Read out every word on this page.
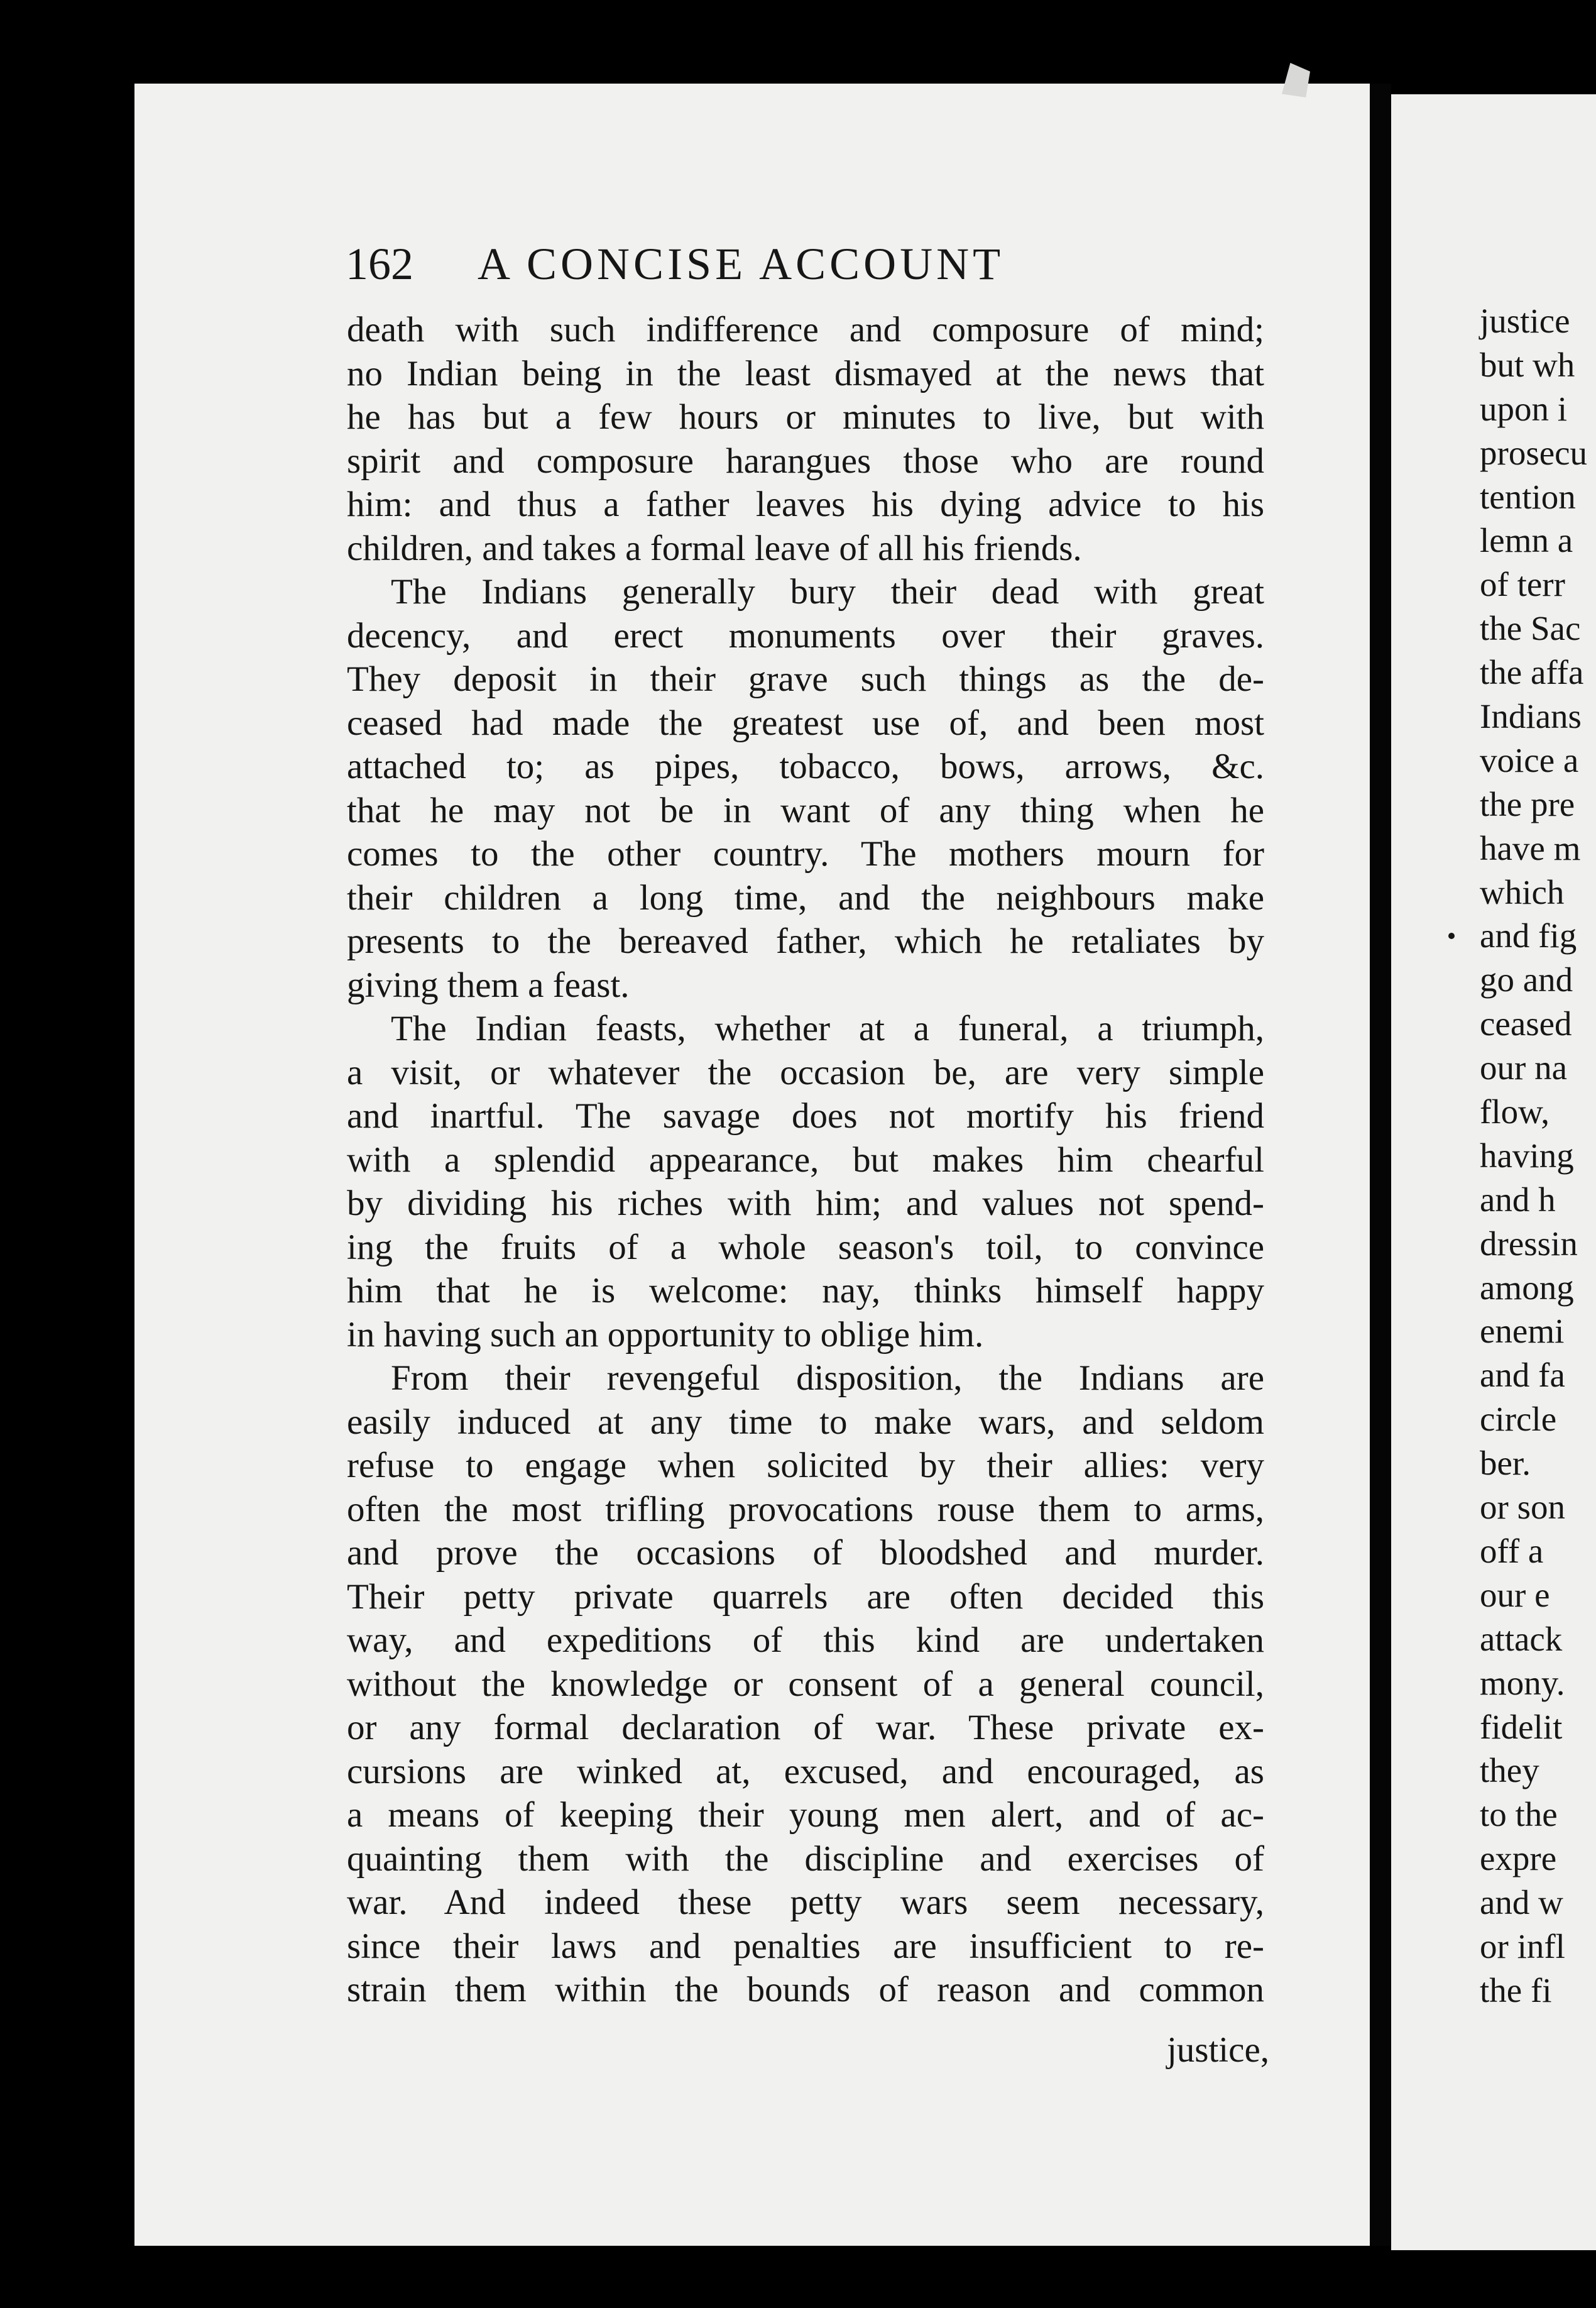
162 A CONCISE ACCOUNT
death with such indifference and composure of mind;
no Indian being in the least dismayed at the news that
he has but a few hours or minutes to live, but with
spirit and composure harangues those who are round
him: and thus a father leaves his dying advice to his
children, and takes a formal leave of all his friends.
The Indians generally bury their dead with great
decency, and erect monuments over their graves.
They deposit in their grave such things as the de-
ceased had made the greatest use of, and been most
attached to; as pipes, tobacco, bows, arrows, &c.
that he may not be in want of any thing when he
comes to the other country. The mothers mourn for
their children a long time, and the neighbours make
presents to the bereaved father, which he retaliates by
giving them a feast.
The Indian feasts, whether at a funeral, a triumph,
a visit, or whatever the occasion be, are very simple
and inartful. The savage does not mortify his friend
with a splendid appearance, but makes him chearful
by dividing his riches with him; and values not spend-
ing the fruits of a whole season's toil, to convince
him that he is welcome: nay, thinks himself happy
in having such an opportunity to oblige him.
From their revengeful disposition, the Indians are
easily induced at any time to make wars, and seldom
refuse to engage when solicited by their allies: very
often the most trifling provocations rouse them to arms,
and prove the occasions of bloodshed and murder.
Their petty private quarrels are often decided this
way, and expeditions of this kind are undertaken
without the knowledge or consent of a general council,
or any formal declaration of war. These private ex-
cursions are winked at, excused, and encouraged, as
a means of keeping their young men alert, and of ac-
quainting them with the discipline and exercises of
war. And indeed these petty wars seem necessary,
since their laws and penalties are insufficient to re-
strain them within the bounds of reason and common
justice,
justice
but wh
upon i
prosecu
tention
lemn a
of terr
the Sac
the affa
Indians
voice a
the pre
have m
which
and fig
go and
ceased
our na
flow,
having
and h
dressin
among
enemi
and fa
circle
ber.
or son
off a
our e
attack
mony.
fidelit
they
to the
expre
and w
or infl
the fi
